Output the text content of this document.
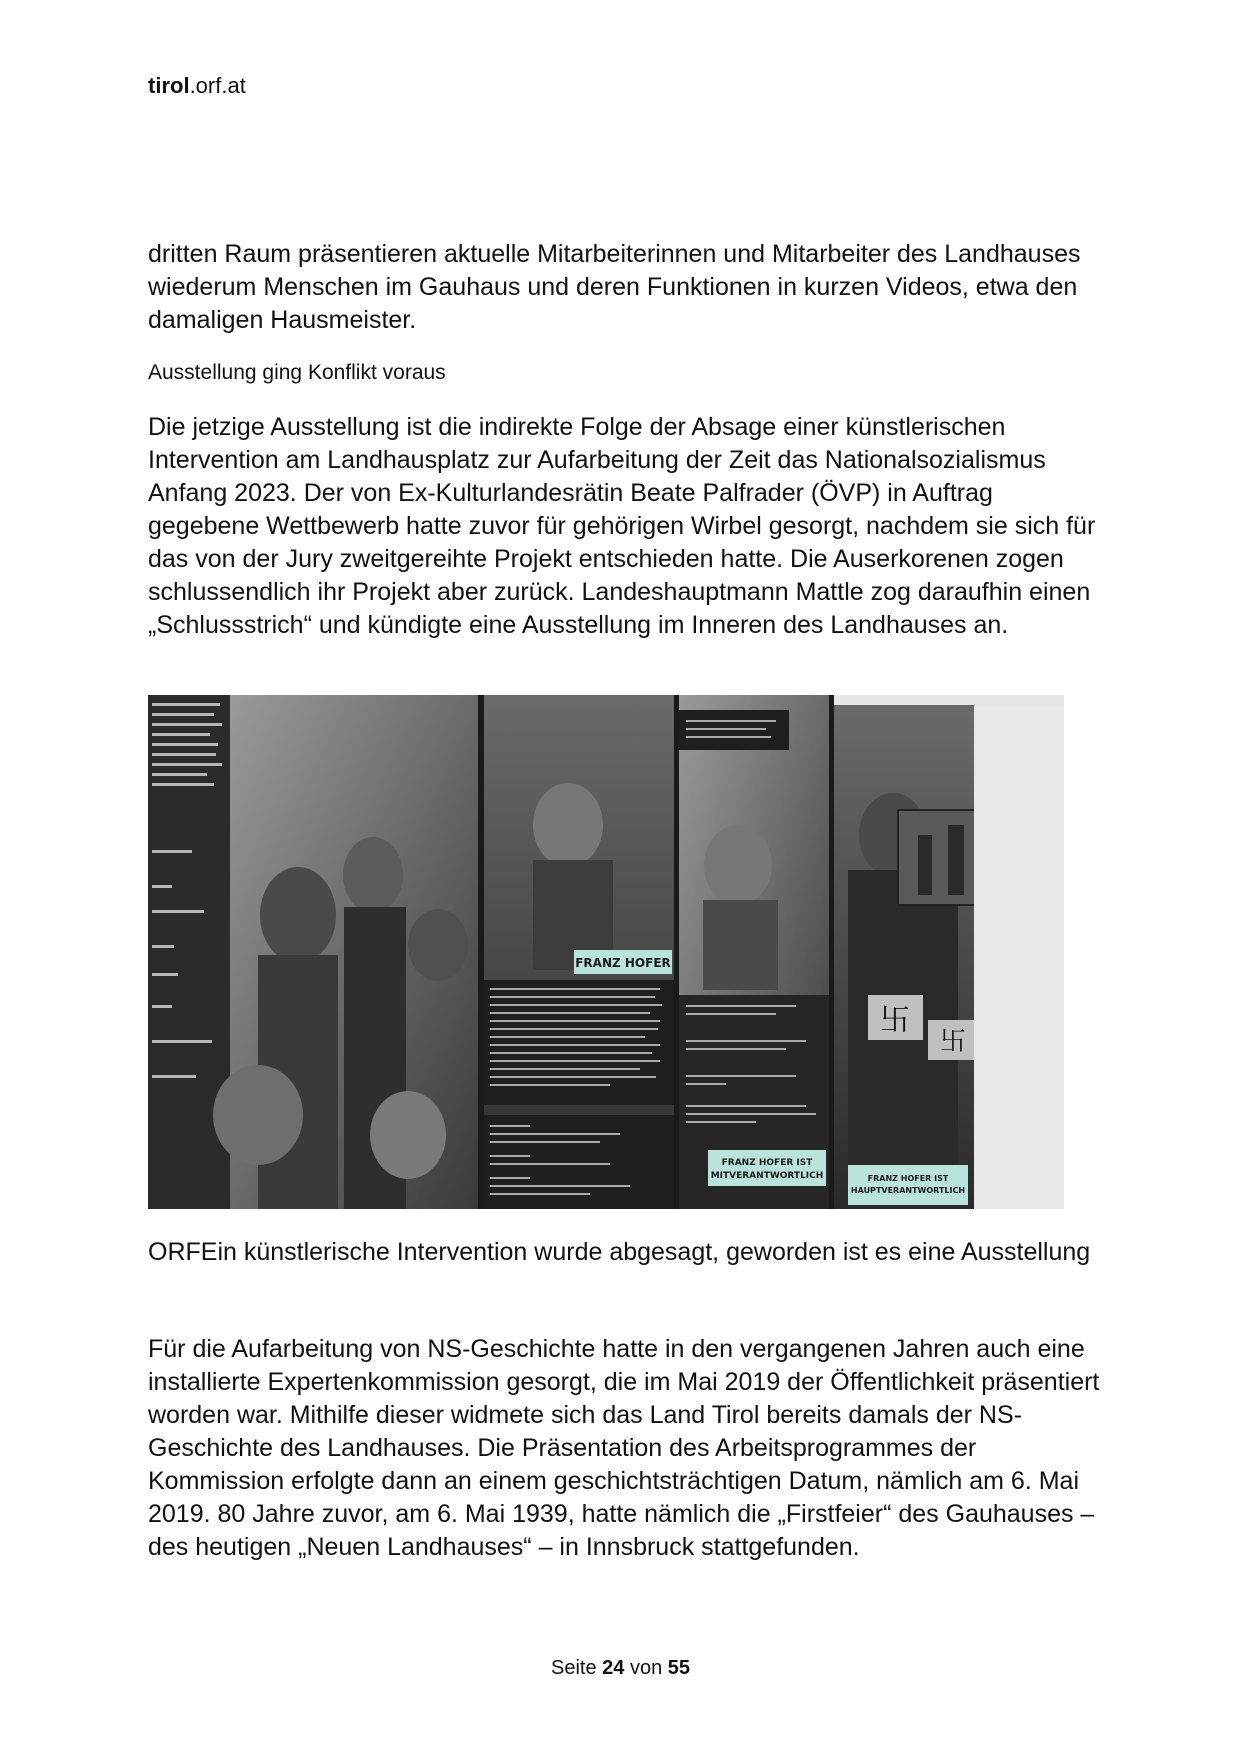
tirol.orf.at

dritten Raum präsentieren aktuelle Mitarbeiterinnen und Mitarbeiter des Landhauses wiederum Menschen im Gauhaus und deren Funktionen in kurzen Videos, etwa den damaligen Hausmeister.

Ausstellung ging Konflikt voraus

Die jetzige Ausstellung ist die indirekte Folge der Absage einer künstlerischen Intervention am Landhausplatz zur Aufarbeitung der Zeit das Nationalsozialismus Anfang 2023. Der von Ex-Kulturlandesrätin Beate Palfrader (ÖVP) in Auftrag gegebene Wettbewerb hatte zuvor für gehörigen Wirbel gesorgt, nachdem sie sich für das von der Jury zweitgereihte Projekt entschieden hatte. Die Auserkorenen zogen schlussendlich ihr Projekt aber zurück. Landeshauptmann Mattle zog daraufhin einen „Schlussstrich“ und kündigte eine Ausstellung im Inneren des Landhauses an.

FRANZ HOFER
FRANZ HOFER IST
MITVERANTWORTLICH
卐
卐
FRANZ HOFER IST
HAUPTVERANTWORTLICH

ORFEin künstlerische Intervention wurde abgesagt, geworden ist es eine Ausstellung

Für die Aufarbeitung von NS-Geschichte hatte in den vergangenen Jahren auch eine installierte Expertenkommission gesorgt, die im Mai 2019 der Öffentlichkeit präsentiert worden war. Mithilfe dieser widmete sich das Land Tirol bereits damals der NS-Geschichte des Landhauses. Die Präsentation des Arbeitsprogrammes der Kommission erfolgte dann an einem geschichtsträchtigen Datum, nämlich am 6. Mai 2019. 80 Jahre zuvor, am 6. Mai 1939, hatte nämlich die „Firstfeier“ des Gauhauses – des heutigen „Neuen Landhauses“ – in Innsbruck stattgefunden.

Seite 24 von 55
